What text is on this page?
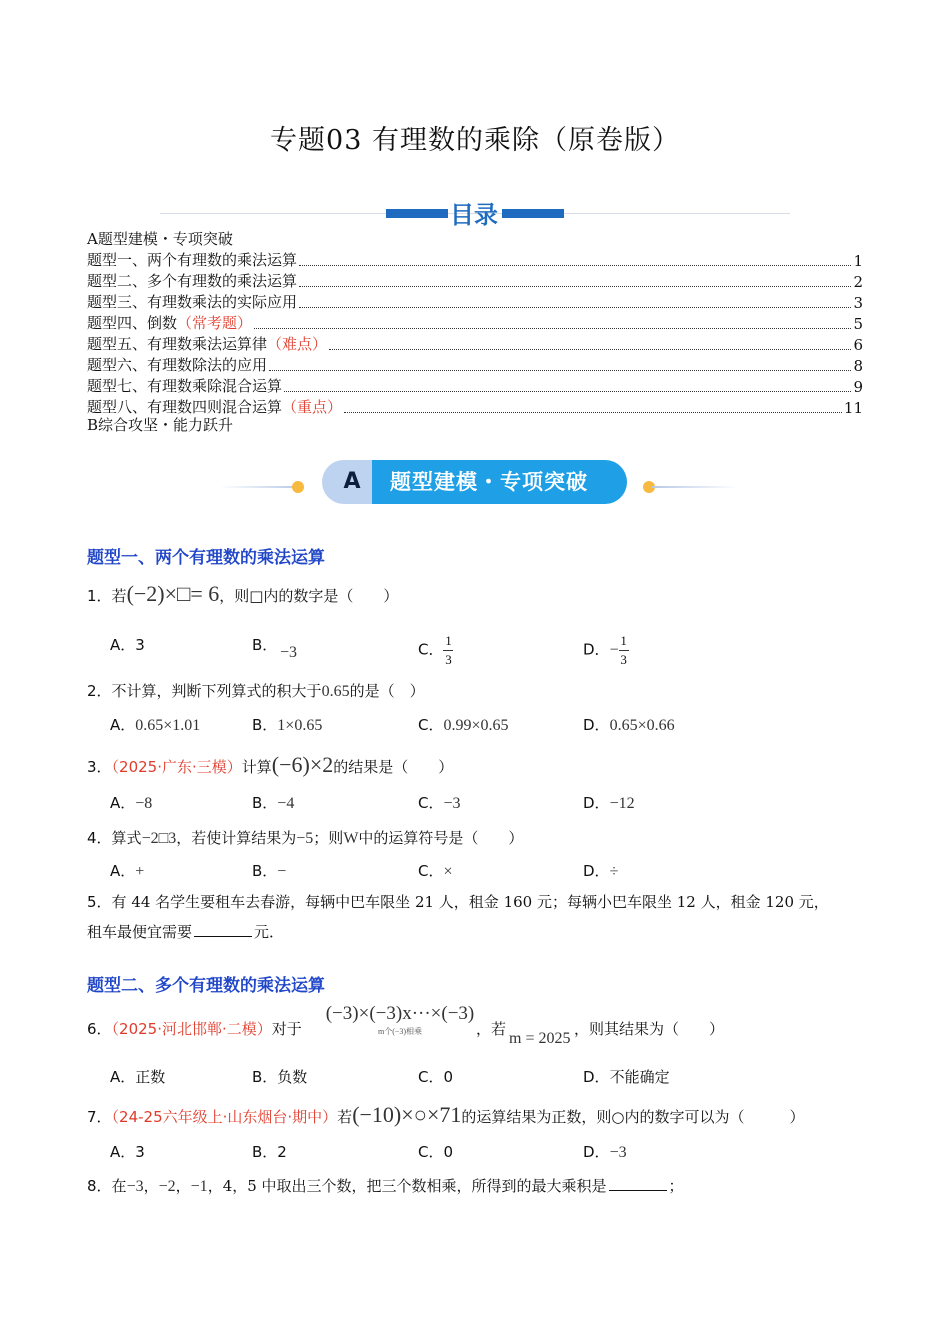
专题03 有理数的乘除（原卷版）
目录
A题型建模・专项突破
题型一、两个有理数的乘法运算	1
题型二、多个有理数的乘法运算	2
题型三、有理数乘法的实际应用	3
题型四、倒数 （常考题）	5
题型五、有理数乘法运算律 （难点）	6
题型六、有理数除法的应用	8
题型七、有理数乘除混合运算	9
题型八、有理数四则混合运算 （重点）	11
B综合攻坚・能力跃升
A	题型建模・专项突破
题型一、两个有理数的乘法运算
1．若(−2)×□= 6，则□内的数字是（　　）
A．3	B． −3	C． $\frac{1}{3}$	D．− $\frac{1}{3}$
2．不计算，判断下列算式的积大于0.65的是（　）
A．0.65×1.01	B．1×0.65	C．0.99×0.65	D．0.65×0.66
3．（2025·广东·三模）计算(−6)×2的结果是（　　）
A．−8	B．−4	C．−3	D．−12
4．算式−2□3，若使计算结果为−5；则W中的运算符号是（　　）
A．+	B．−	C．×	D．÷
5．有 44 名学生要租车去春游，每辆中巴车限坐 21 人，租金 160 元；每辆小巴车限坐 12 人，租金 120 元，
租车最便宜需要	元．
题型二、多个有理数的乘法运算
6．（2025·河北邯郸·二模）对于
(−3)×(−3)x···×(−3)
m个(−3)相乘	，若
m = 2025
，则其结果为（　　）
A．正数	B．负数	C．0	D．不能确定
7．（24-25六年级上·山东烟台·期中）若(−10)×○×71的运算结果为正数，则○内的数字可以为（　　　）
A．3	B．2	C．0	D．−3
8．在−3，−2，−1，4，5 中取出三个数，把三个数相乘，所得到的最大乘积是	；
